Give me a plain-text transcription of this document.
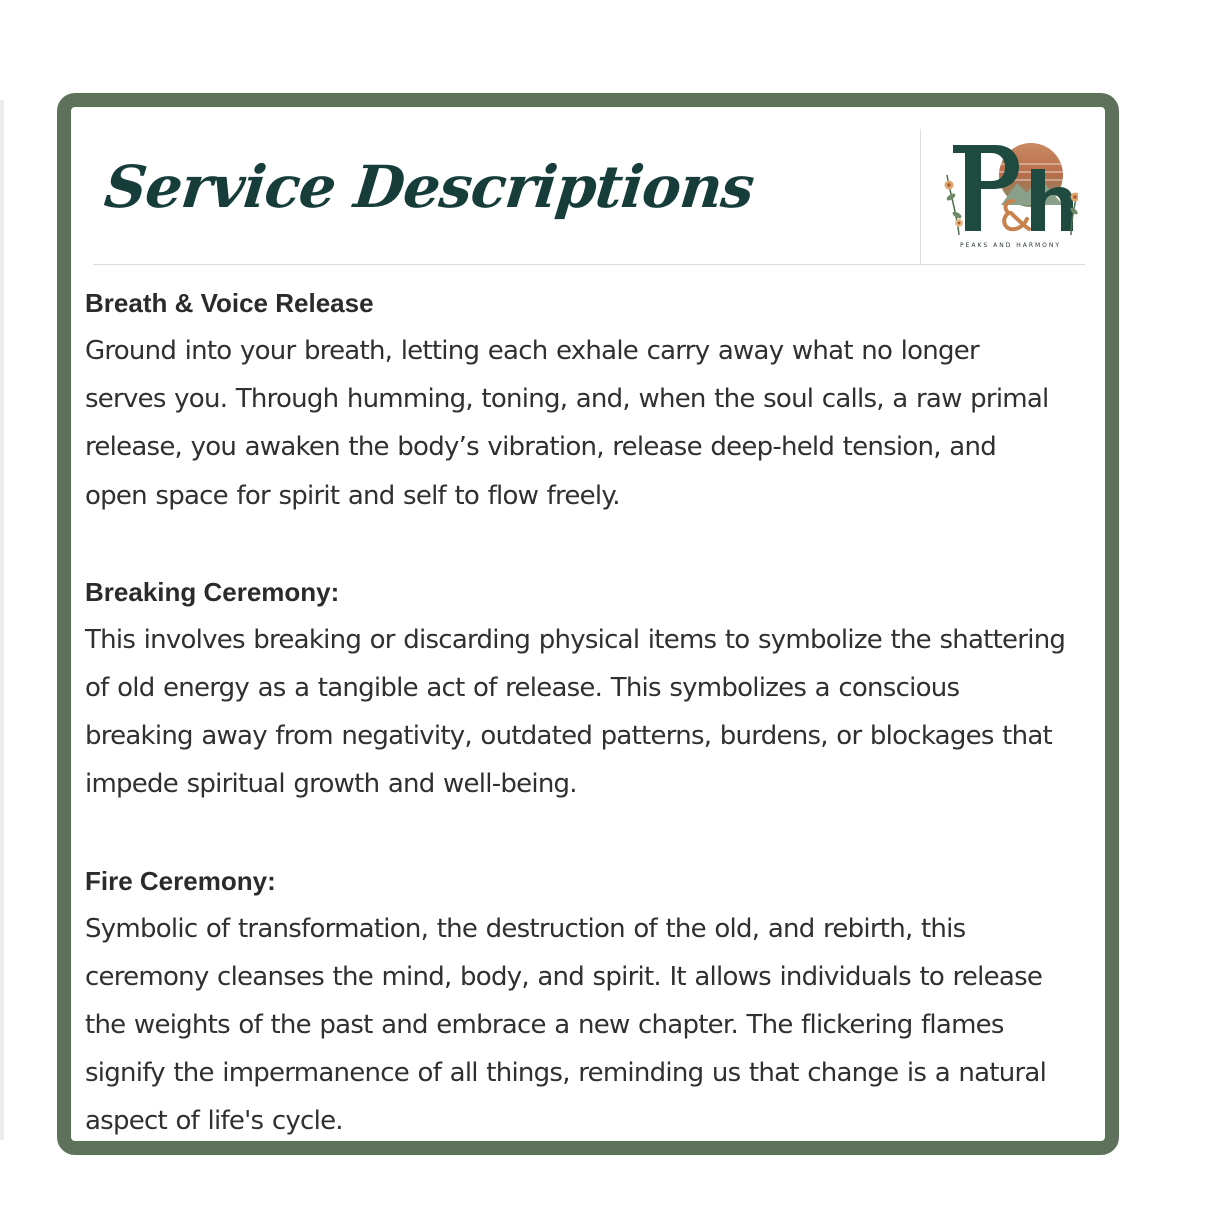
Service Descriptions
PEAKS AND HARMONY
Breath & Voice Release

Ground into your breath, letting each exhale carry away what no longer
serves you. Through humming, toning, and, when the soul calls, a raw primal
release, you awaken the body’s vibration, release deep-held tension, and
open space for spirit and self to flow freely.

Breaking Ceremony:

This involves breaking or discarding physical items to symbolize the shattering
of old energy as a tangible act of release. This symbolizes a conscious
breaking away from negativity, outdated patterns, burdens, or blockages that
impede spiritual growth and well-being.

Fire Ceremony:

Symbolic of transformation, the destruction of the old, and rebirth, this
ceremony cleanses the mind, body, and spirit. It allows individuals to release
the weights of the past and embrace a new chapter. The flickering flames
signify the impermanence of all things, reminding us that change is a natural
aspect of life's cycle.
